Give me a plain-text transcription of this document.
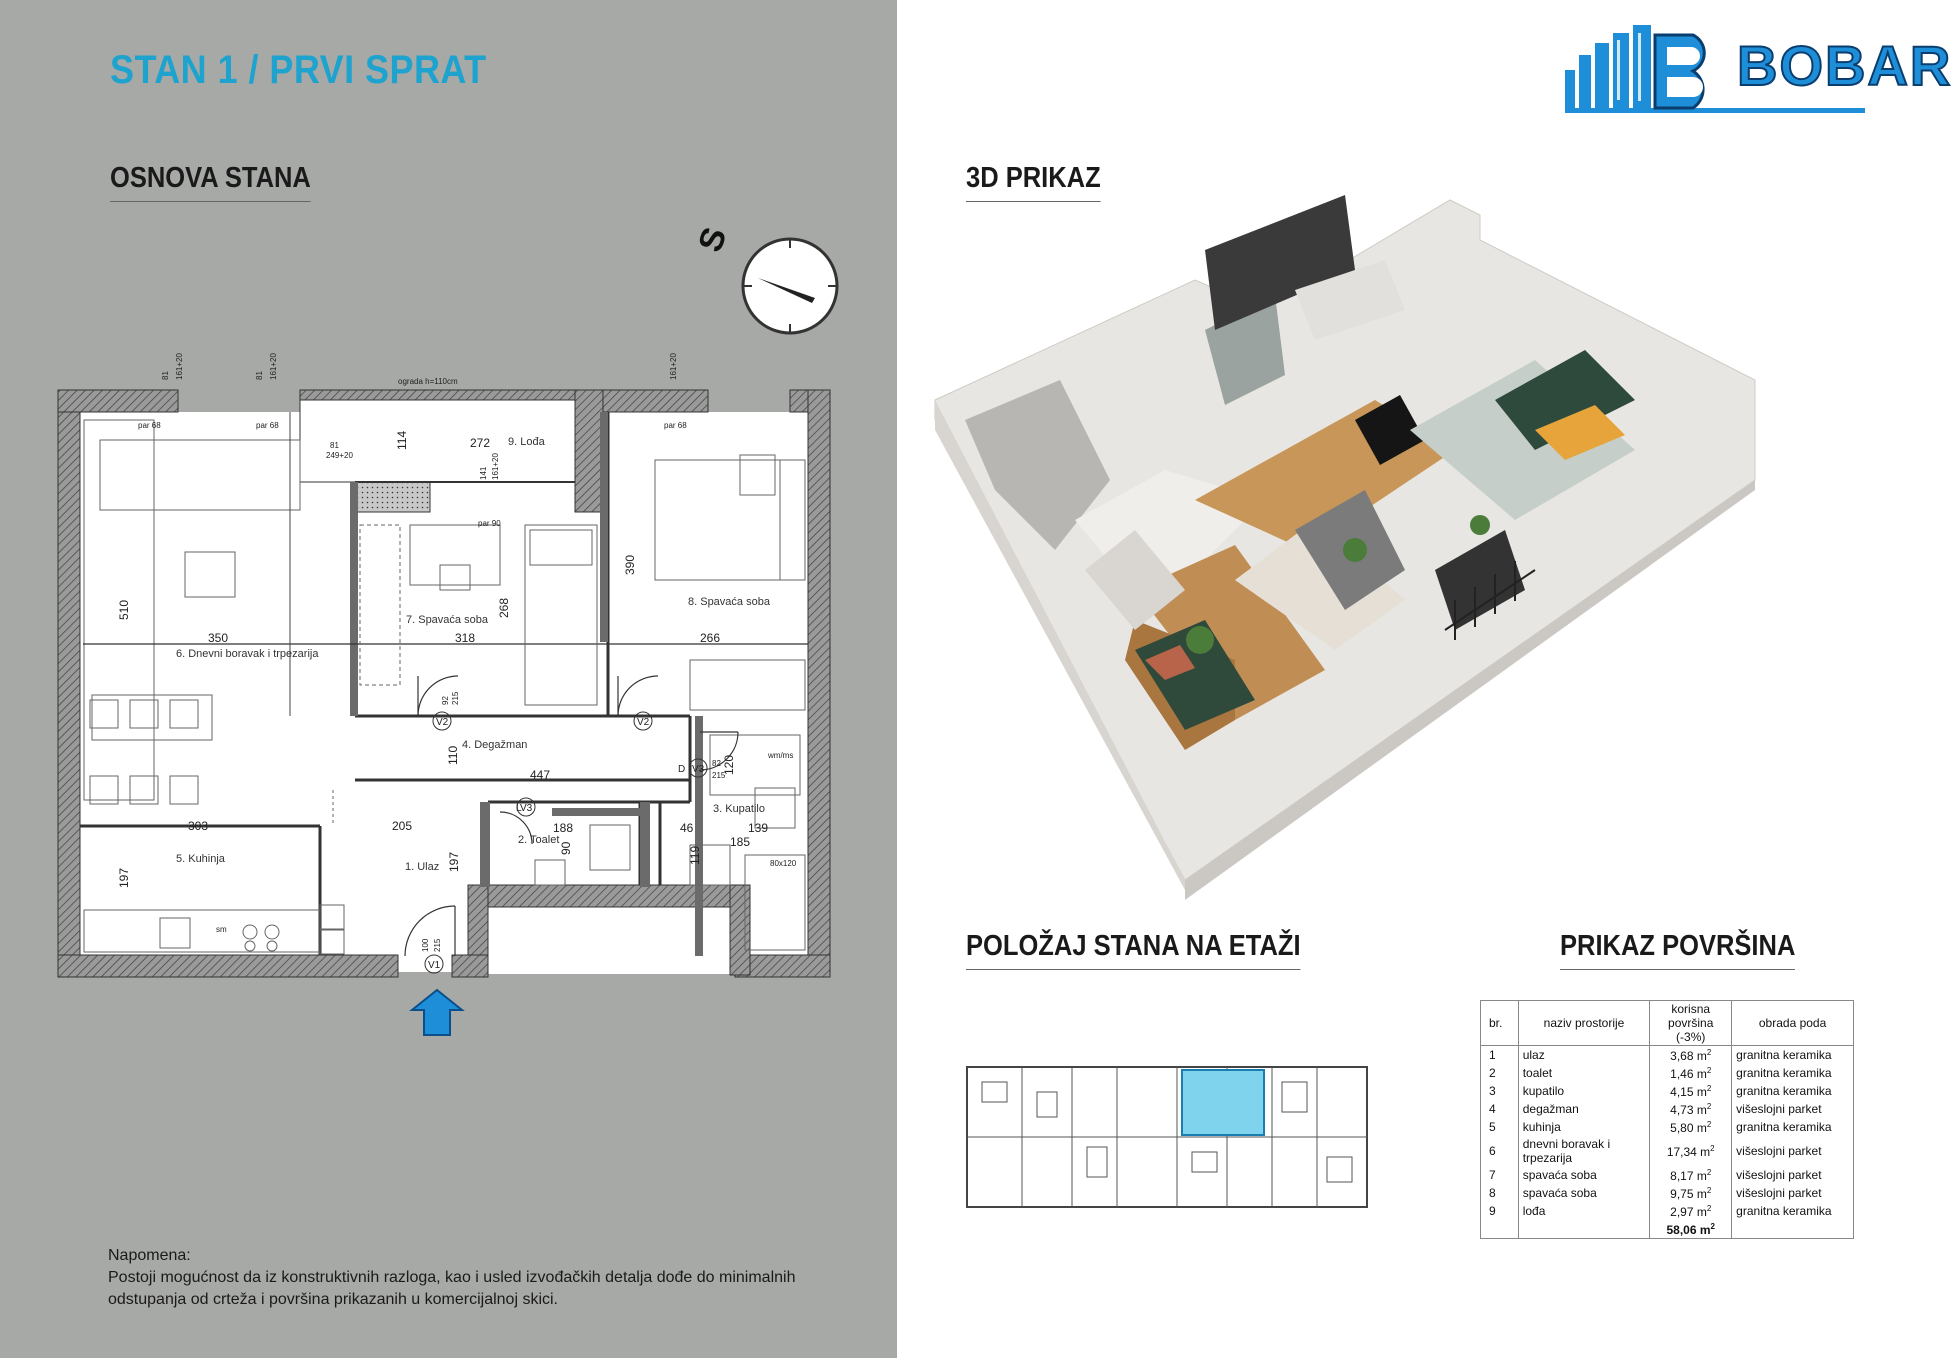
STAN 1 / PRVI SPRAT
OSNOVA STANA
S
1. Ulaz
2. Toalet
3. Kupatilo
4. Degažman
5. Kuhinja
6. Dnevni boravak i trpezarija
7. Spavaća soba
8. Spavaća soba
9. Lođa
350	318	266
272
447
303	205	188	46	139
185
510
114
268
390
110
197
197
120
119
90
par 68	par 68	par 68
par 90
ograda h=110cm
249+20
81
81 161+20	81 161+20	161+20
141 161+20
wm/ms
80x120
sm
V1
100 215
V2	V2
92 215
V3
V3
82
215
D
L
Napomena:
Postoji mogućnost da iz konstruktivnih razloga, kao i usled izvođačkih detalja dođe do minimalnih odstupanja od crteža i površina prikazanih u komercijalnoj skici.
BOBAR
3D PRIKAZ
POLOŽAJ STANA NA ETAŽI	PRIKAZ POVRŠINA
br.	naziv prostorije	korisna površina (-3%)	obrada poda
1	ulaz	3,68 $m^2$	granitna keramika
2	toalet	1,46 $m^2$	granitna keramika
3	kupatilo	4,15 $m^2$	granitna keramika
4	degažman	4,73 $m^2$	višeslojni parket
5	kuhinja	5,80 $m^2$	granitna keramika
6	dnevni boravak i trpezarija	17,34 $m^2$	višeslojni parket
7	spavaća soba	8,17 $m^2$	višeslojni parket
8	spavaća soba	9,75 $m^2$	višeslojni parket
9	lođa	2,97 $m^2$	granitna keramika
		58,06 $m^2$	
